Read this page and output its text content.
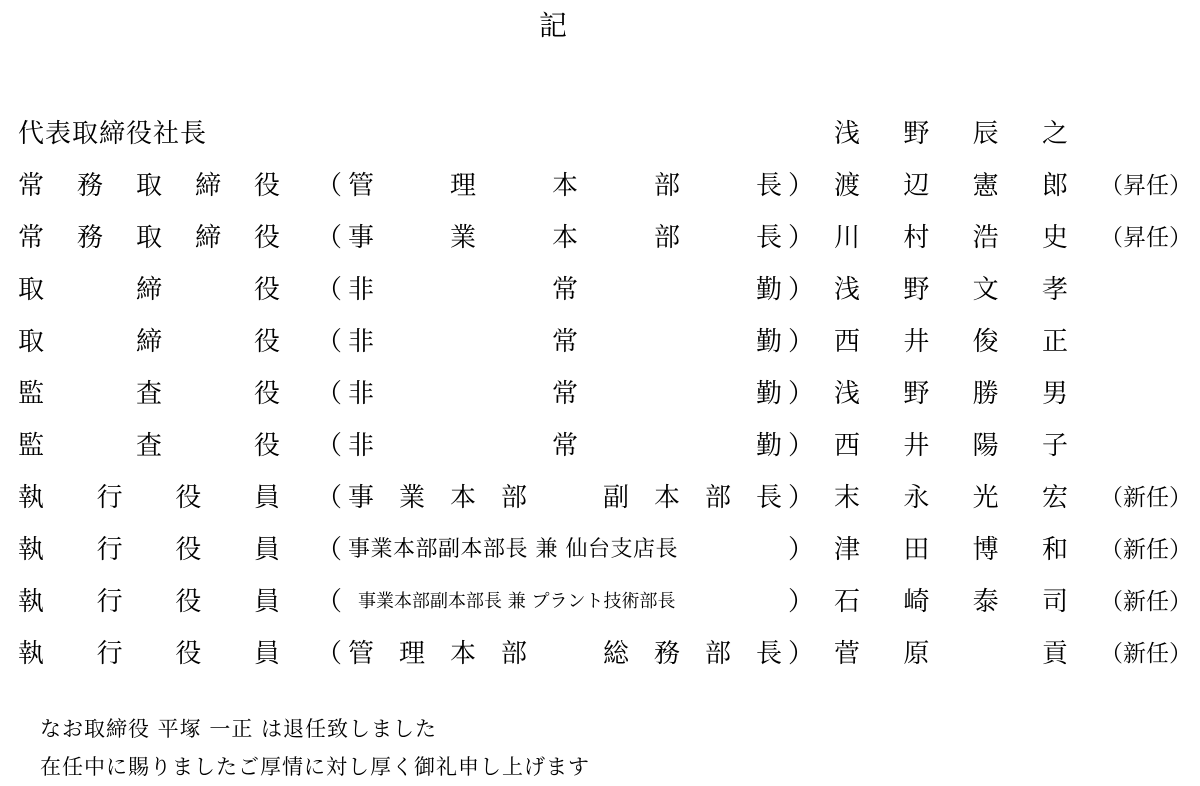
記
代表取締役社長	浅野辰之
常務取締役 （ 管理本部長 ） 渡辺憲郎 （昇任）
常務取締役 （ 事業本部長 ） 川村浩史 （昇任）
取締役 （ 非常勤 ） 浅野文孝
取締役 （ 非常勤 ） 西井俊正
監査役 （ 非常勤 ） 浅野勝男
監査役 （ 非常勤 ） 西井陽子
執行役員 （ 事業本部　副本部長 ） 末永光宏 （新任）
執行役員 （ 事業本部副本部長 兼 仙台支店長	） 津田博和 （新任）
執行役員 （ 事業本部副本部長 兼 プラント技術部長	） 石崎泰司 （新任）
執行役員 （ 管理本部　総務部長 ） 菅原　貢 （新任）
なお取締役 平塚 一正 は退任致しました
在任中に賜りましたご厚情に対し厚く御礼申し上げます
